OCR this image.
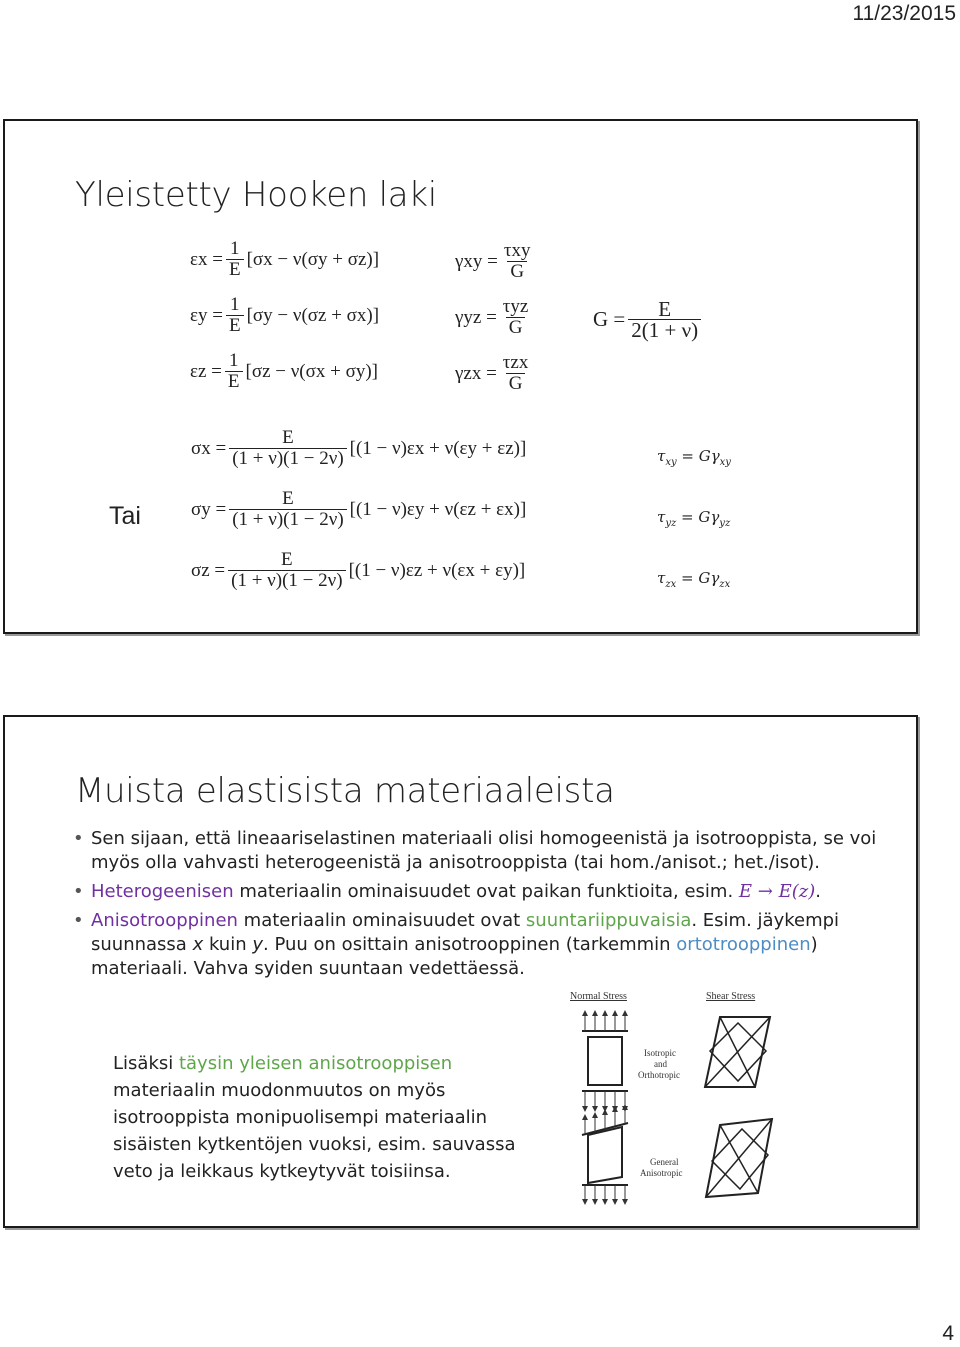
11/23/2015
Yleistetty Hooken laki
$\varepsilon x = \frac{1}{E} [\sigma x - \nu(\sigma y + \sigma z)]$
$\varepsilon y = \frac{1}{E} [\sigma y - \nu(\sigma z + \sigma x)]$
$\varepsilon z = \frac{1}{E} [\sigma z - \nu(\sigma x + \sigma y)]$
$\gamma xy = \frac{\text{τxy}}{G}$
$\gamma yz = \frac{\text{τyz}}{G}$
$\gamma zx = \frac{\text{τzx}}{G}$
$G = \frac{E}{2(1 + \nu)}$
Tai
$\sigma x = \frac{E}{(1 + \nu)(1 - 2\nu)} [(1 - \nu)\varepsilon x + \nu(\varepsilon y + \varepsilon z)]$
$\sigma y = \frac{E}{(1 + \nu)(1 - 2\nu)} [(1 - \nu)\varepsilon y + \nu(\varepsilon z + \varepsilon x)]$
$\sigma z = \frac{E}{(1 + \nu)(1 - 2\nu)} [(1 - \nu)\varepsilon z + \nu(\varepsilon x + \varepsilon y)]$
$\tau_{xy} = G\gamma_{xy}$
$\tau_{yz} = G\gamma_{yz}$
$\tau_{zx} = G\gamma_{zx}$
Muista elastisista materiaaleista
• Sen sijaan, että lineaariselastinen materiaali olisi homogeenistä ja isotrooppista, se voi myös olla vahvasti heterogeenistä ja anisotrooppista (tai hom./anisot.; het./isot).
• Heterogeenisen materiaalin ominaisuudet ovat paikan funktioita, esim. E → E(z).
• Anisotrooppinen materiaalin ominaisuudet ovat suuntariippuvaisia. Esim. jäykempi suunnassa x kuin y. Puu on osittain anisotrooppinen (tarkemmin ortotrooppinen) materiaali. Vahva syiden suuntaan vedettäessä.
Lisäksi täysin yleisen anisotrooppisen materiaalin muodonmuutos on myös isotrooppista monipuolisempi materiaalin sisäisten kytkentöjen vuoksi, esim. sauvassa veto ja leikkaus kytkeytyvät toisiinsa.
Normal Stress	Shear Stress
Isotropic
and
Orthotropic
General
Anisotropic
4
